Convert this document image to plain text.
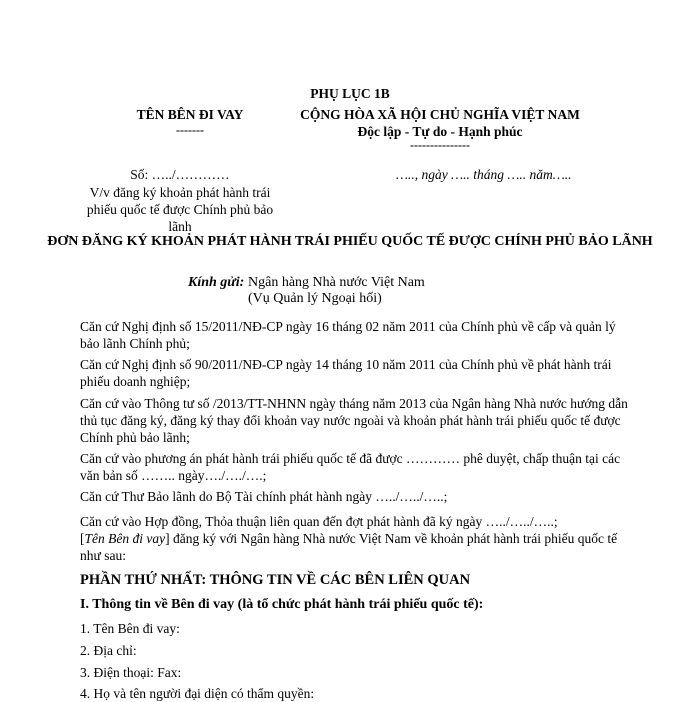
PHỤ LỤC 1B
TÊN BÊN ĐI VAY
-------
CỘNG HÒA XÃ HỘI CHỦ NGHĨA VIỆT NAM
Độc lập - Tự do - Hạnh phúc
---------------
Số: …../…………
V/v đăng ký khoản phát hành trái phiếu quốc tế được Chính phủ bảo lãnh
….., ngày ….. tháng ….. năm…..
ĐƠN ĐĂNG KÝ KHOẢN PHÁT HÀNH TRÁI PHIẾU QUỐC TẾ ĐƯỢC CHÍNH PHỦ BẢO LÃNH
Kính gửi: Ngân hàng Nhà nước Việt Nam
(Vụ Quản lý Ngoại hối)
Căn cứ Nghị định số 15/2011/NĐ-CP ngày 16 tháng 02 năm 2011 của Chính phủ về cấp và quản lý bảo lãnh Chính phủ;
Căn cứ Nghị định số 90/2011/NĐ-CP ngày 14 tháng 10 năm 2011 của Chính phủ về phát hành trái phiếu doanh nghiệp;
Căn cứ vào Thông tư số /2013/TT-NHNN ngày tháng năm 2013 của Ngân hàng Nhà nước hướng dẫn thủ tục đăng ký, đăng ký thay đổi khoản vay nước ngoài và khoản phát hành trái phiếu quốc tế được Chính phủ bảo lãnh;
Căn cứ vào phương án phát hành trái phiếu quốc tế đã được ………… phê duyệt, chấp thuận tại các văn bản số …….. ngày…./…./….;
Căn cứ Thư Bảo lãnh do Bộ Tài chính phát hành ngày …../…../…..;
Căn cứ vào Hợp đồng, Thỏa thuận liên quan đến đợt phát hành đã ký ngày …../…../…..;
[Tên Bên đi vay] đăng ký với Ngân hàng Nhà nước Việt Nam về khoản phát hành trái phiếu quốc tế như sau:
PHẦN THỨ NHẤT: THÔNG TIN VỀ CÁC BÊN LIÊN QUAN
I. Thông tin về Bên đi vay (là tổ chức phát hành trái phiếu quốc tế):
1. Tên Bên đi vay:
2. Địa chỉ:
3. Điện thoại: Fax:
4. Họ và tên người đại diện có thẩm quyền:
